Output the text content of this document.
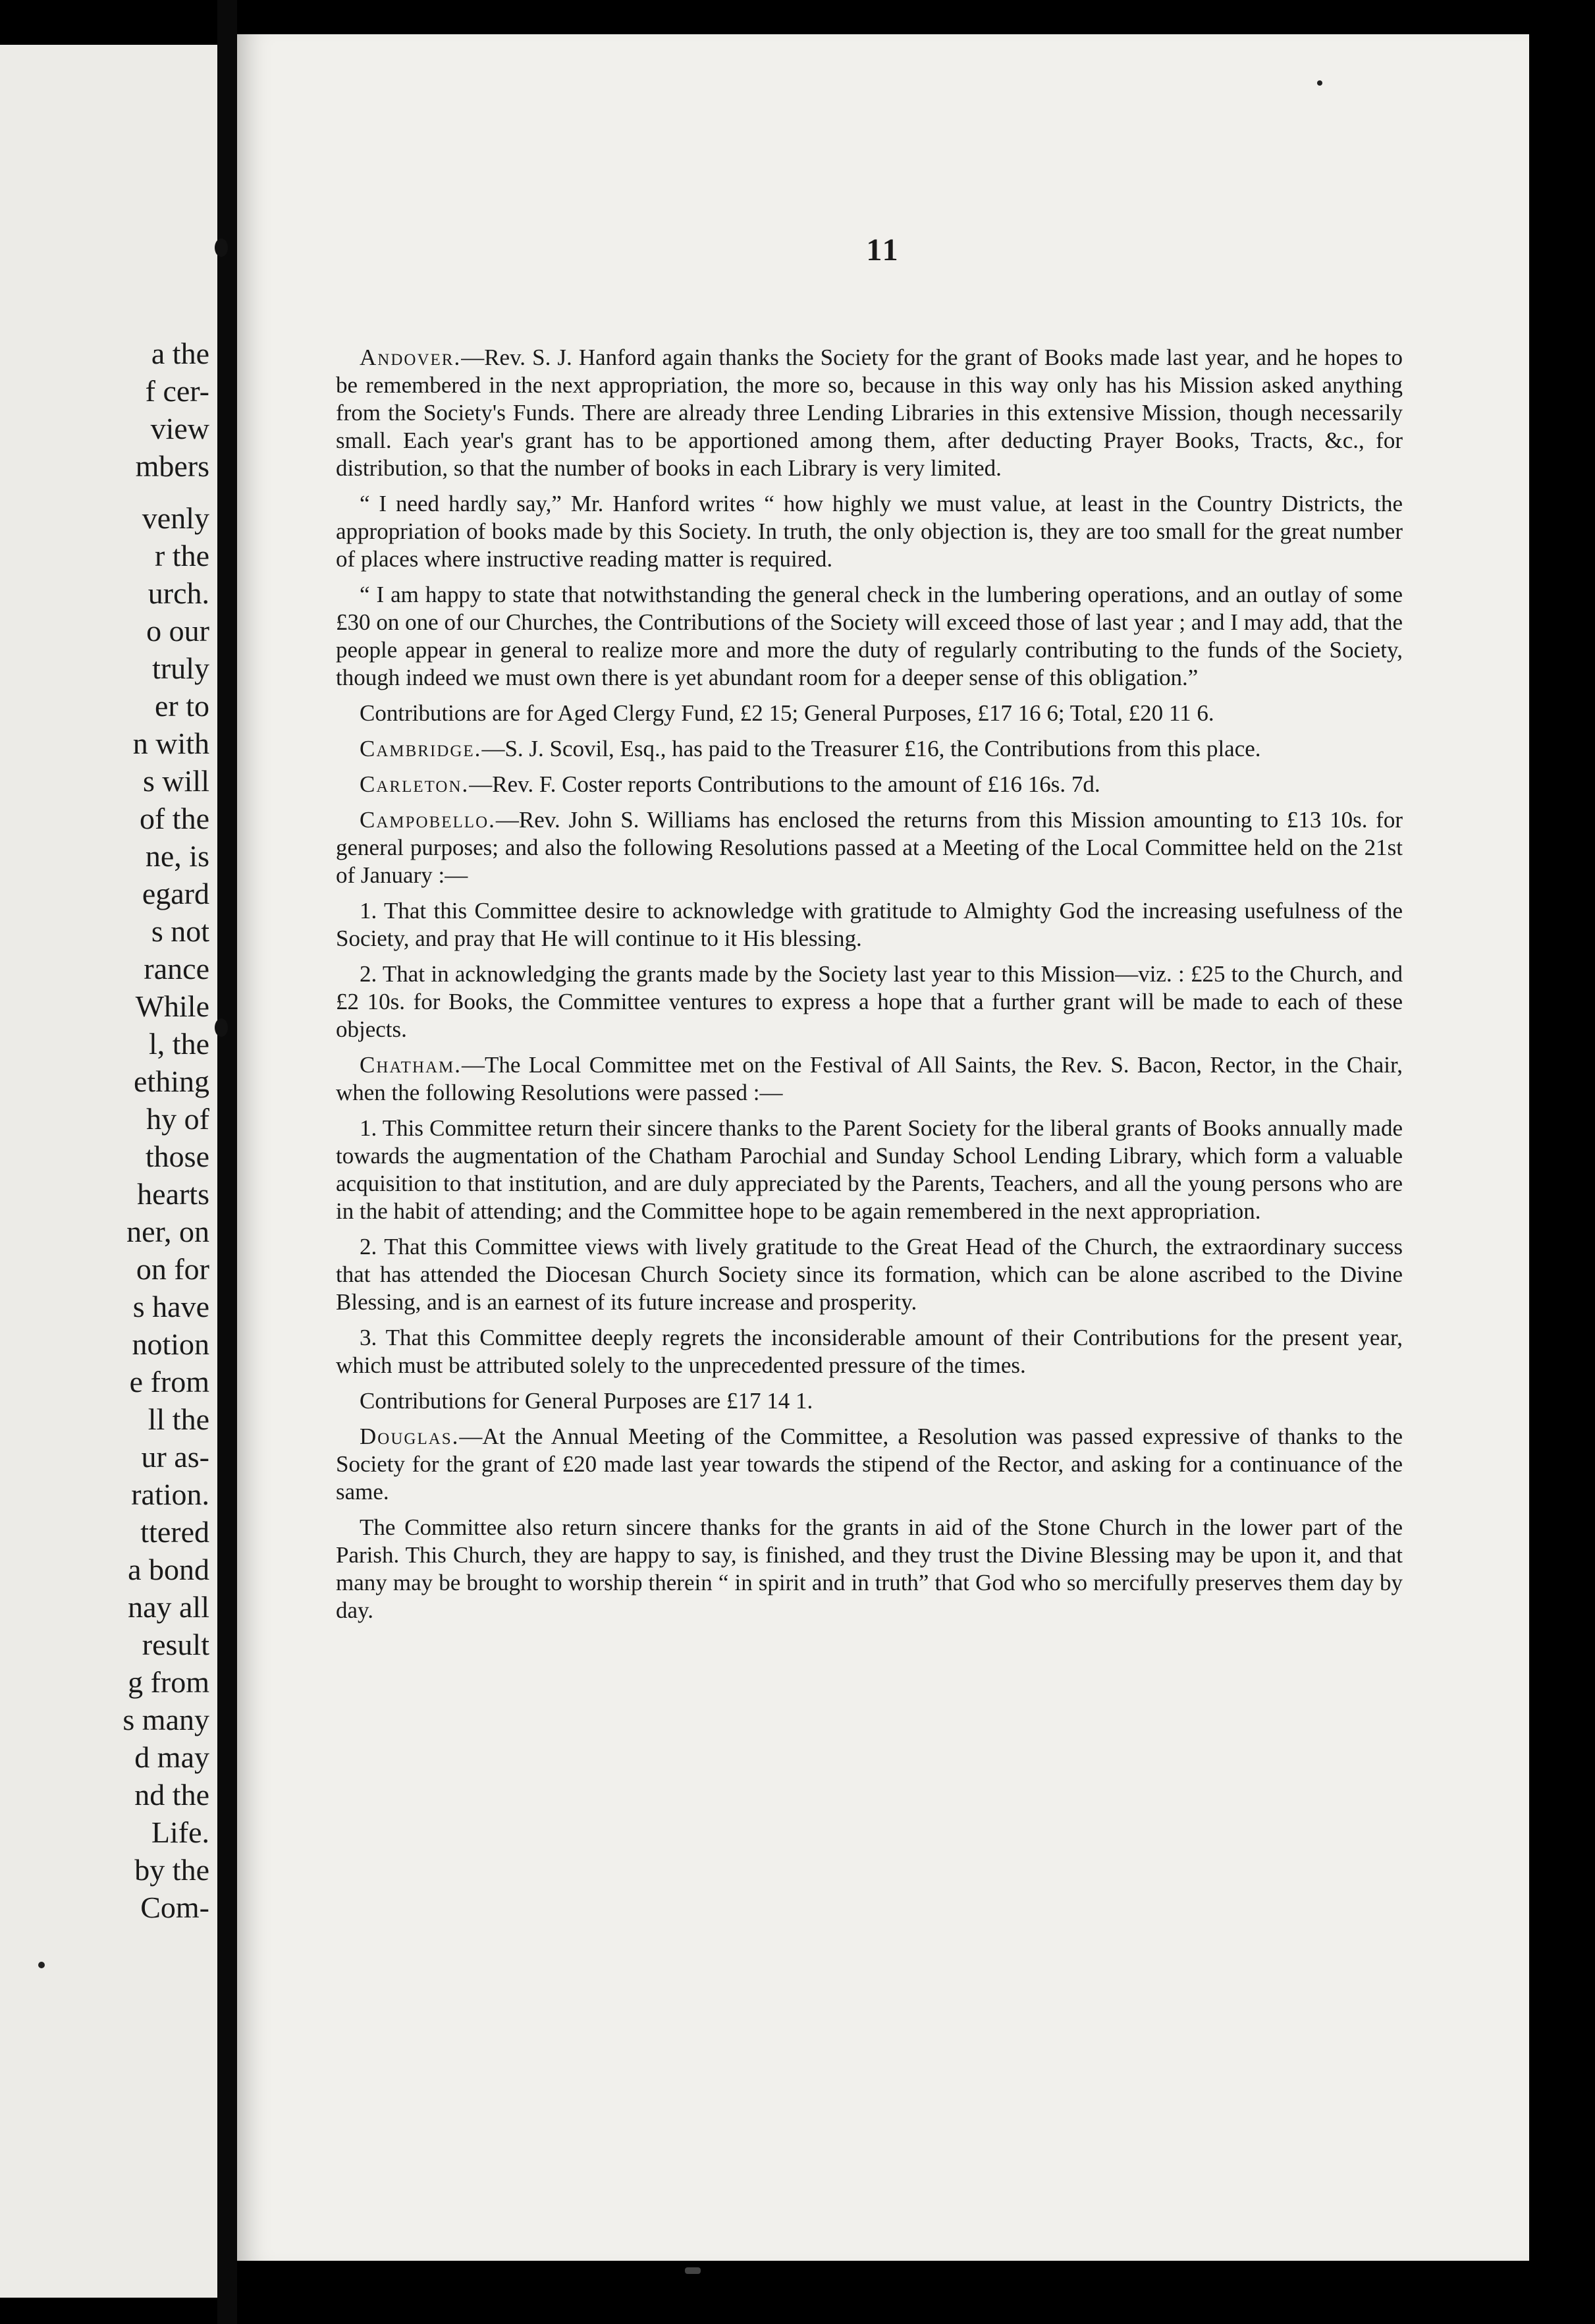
a the
f cer-
view
mbers
venly
r the
urch.
o our
truly
er to
n with
s will
of the
ne, is
egard
s not
rance
While
l, the
ething
hy of
those
hearts
ner, on
on for
s have
notion
e from
ll the
ur as-
ration.
ttered
a bond
nay all
result
g from
s many
d may
nd the
Life.
by the
Com-
11

Andover.—Rev. S. J. Hanford again thanks the Society for the grant of Books made last year, and he hopes to be remembered in the next appropriation, the more so, because in this way only has his Mission asked anything from the Society's Funds. There are already three Lending Libraries in this extensive Mission, though necessarily small. Each year's grant has to be apportioned among them, after deducting Prayer Books, Tracts, &c., for distribution, so that the number of books in each Library is very limited.

“ I need hardly say,” Mr. Hanford writes “ how highly we must value, at least in the Country Districts, the appropriation of books made by this Society. In truth, the only objection is, they are too small for the great number of places where instructive reading matter is required.

“ I am happy to state that notwithstanding the general check in the lumbering operations, and an outlay of some £30 on one of our Churches, the Contributions of the Society will exceed those of last year ; and I may add, that the people appear in general to realize more and more the duty of regularly contributing to the funds of the Society, though indeed we must own there is yet abundant room for a deeper sense of this obligation.”

Contributions are for Aged Clergy Fund, £2 15; General Purposes, £17 16 6; Total, £20 11 6.

Cambridge.—S. J. Scovil, Esq., has paid to the Treasurer £16, the Contributions from this place.

Carleton.—Rev. F. Coster reports Contributions to the amount of £16 16s. 7d.

Campobello.—Rev. John S. Williams has enclosed the returns from this Mission amounting to £13 10s. for general purposes; and also the following Resolutions passed at a Meeting of the Local Committee held on the 21st of January :—

1. That this Committee desire to acknowledge with gratitude to Almighty God the increasing usefulness of the Society, and pray that He will continue to it His blessing.

2. That in acknowledging the grants made by the Society last year to this Mission—viz. : £25 to the Church, and £2 10s. for Books, the Committee ventures to express a hope that a further grant will be made to each of these objects.

Chatham.—The Local Committee met on the Festival of All Saints, the Rev. S. Bacon, Rector, in the Chair, when the following Resolutions were passed :—

1. This Committee return their sincere thanks to the Parent Society for the liberal grants of Books annually made towards the augmentation of the Chatham Parochial and Sunday School Lending Library, which form a valuable acquisition to that institution, and are duly appreciated by the Parents, Teachers, and all the young persons who are in the habit of attending; and the Committee hope to be again remembered in the next appropriation.

2. That this Committee views with lively gratitude to the Great Head of the Church, the extraordinary success that has attended the Diocesan Church Society since its formation, which can be alone ascribed to the Divine Blessing, and is an earnest of its future increase and prosperity.

3. That this Committee deeply regrets the inconsiderable amount of their Contributions for the present year, which must be attributed solely to the unprecedented pressure of the times.

Contributions for General Purposes are £17 14 1.

Douglas.—At the Annual Meeting of the Committee, a Resolution was passed expressive of thanks to the Society for the grant of £20 made last year towards the stipend of the Rector, and asking for a continuance of the same.

The Committee also return sincere thanks for the grants in aid of the Stone Church in the lower part of the Parish. This Church, they are happy to say, is finished, and they trust the Divine Blessing may be upon it, and that many may be brought to worship therein “ in spirit and in truth” that God who so mercifully preserves them day by day.
